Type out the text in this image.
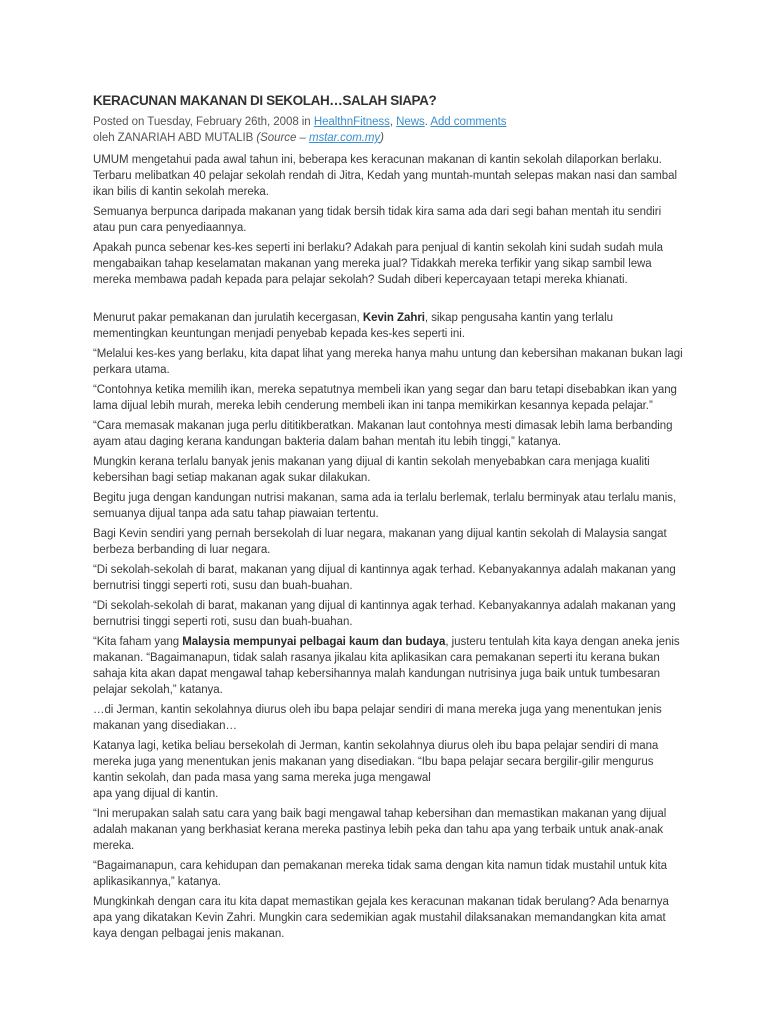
KERACUNAN MAKANAN DI SEKOLAH…SALAH SIAPA?
Posted on Tuesday, February 26th, 2008 in HealthnFitness, News. Add comments
oleh ZANARIAH ABD MUTALIB (Source – mstar.com.my)

UMUM mengetahui pada awal tahun ini, beberapa kes keracunan makanan di kantin sekolah dilaporkan berlaku. Terbaru melibatkan 40 pelajar sekolah rendah di Jitra, Kedah yang muntah-muntah selepas makan nasi dan sambal ikan bilis di kantin sekolah mereka.

Semuanya berpunca daripada makanan yang tidak bersih tidak kira sama ada dari segi bahan mentah itu sendiri atau pun cara penyediaannya.

Apakah punca sebenar kes-kes seperti ini berlaku? Adakah para penjual di kantin sekolah kini sudah sudah mula mengabaikan tahap keselamatan makanan yang mereka jual? Tidakkah mereka terfikir yang sikap sambil lewa mereka membawa padah kepada para pelajar sekolah? Sudah diberi kepercayaan tetapi mereka khianati.

Menurut pakar pemakanan dan jurulatih kecergasan, Kevin Zahri, sikap pengusaha kantin yang terlalu mementingkan keuntungan menjadi penyebab kepada kes-kes seperti ini.

“Melalui kes-kes yang berlaku, kita dapat lihat yang mereka hanya mahu untung dan kebersihan makanan bukan lagi perkara utama.

“Contohnya ketika memilih ikan, mereka sepatutnya membeli ikan yang segar dan baru tetapi disebabkan ikan yang lama dijual lebih murah, mereka lebih cenderung membeli ikan ini tanpa memikirkan kesannya kepada pelajar.”

“Cara memasak makanan juga perlu dititikberatkan. Makanan laut contohnya mesti dimasak lebih lama berbanding ayam atau daging kerana kandungan bakteria dalam bahan mentah itu lebih tinggi,” katanya.

Mungkin kerana terlalu banyak jenis makanan yang dijual di kantin sekolah menyebabkan cara menjaga kualiti kebersihan bagi setiap makanan agak sukar dilakukan.

Begitu juga dengan kandungan nutrisi makanan, sama ada ia terlalu berlemak, terlalu berminyak atau terlalu manis, semuanya dijual tanpa ada satu tahap piawaian tertentu.

Bagi Kevin sendiri yang pernah bersekolah di luar negara, makanan yang dijual kantin sekolah di Malaysia sangat berbeza berbanding di luar negara.

“Di sekolah-sekolah di barat, makanan yang dijual di kantinnya agak terhad. Kebanyakannya adalah makanan yang bernutrisi tinggi seperti roti, susu dan buah-buahan.

“Di sekolah-sekolah di barat, makanan yang dijual di kantinnya agak terhad. Kebanyakannya adalah makanan yang bernutrisi tinggi seperti roti, susu dan buah-buahan.

“Kita faham yang Malaysia mempunyai pelbagai kaum dan budaya, justeru tentulah kita kaya dengan aneka jenis makanan. “Bagaimanapun, tidak salah rasanya jikalau kita aplikasikan cara pemakanan seperti itu kerana bukan sahaja kita akan dapat mengawal tahap kebersihannya malah kandungan nutrisinya juga baik untuk tumbesaran pelajar sekolah,” katanya.

…di Jerman, kantin sekolahnya diurus oleh ibu bapa pelajar sendiri di mana mereka juga yang menentukan jenis makanan yang disediakan…

Katanya lagi, ketika beliau bersekolah di Jerman, kantin sekolahnya diurus oleh ibu bapa pelajar sendiri di mana mereka juga yang menentukan jenis makanan yang disediakan. “Ibu bapa pelajar secara bergilir-gilir mengurus kantin sekolah, dan pada masa yang sama mereka juga mengawal
apa yang dijual di kantin.

“Ini merupakan salah satu cara yang baik bagi mengawal tahap kebersihan dan memastikan makanan yang dijual adalah makanan yang berkhasiat kerana mereka pastinya lebih peka dan tahu apa yang terbaik untuk anak-anak mereka.

“Bagaimanapun, cara kehidupan dan pemakanan mereka tidak sama dengan kita namun tidak mustahil untuk kita aplikasikannya,” katanya.

Mungkinkah dengan cara itu kita dapat memastikan gejala kes keracunan makanan tidak berulang? Ada benarnya apa yang dikatakan Kevin Zahri. Mungkin cara sedemikian agak mustahil dilaksanakan memandangkan kita amat kaya dengan pelbagai jenis makanan.
